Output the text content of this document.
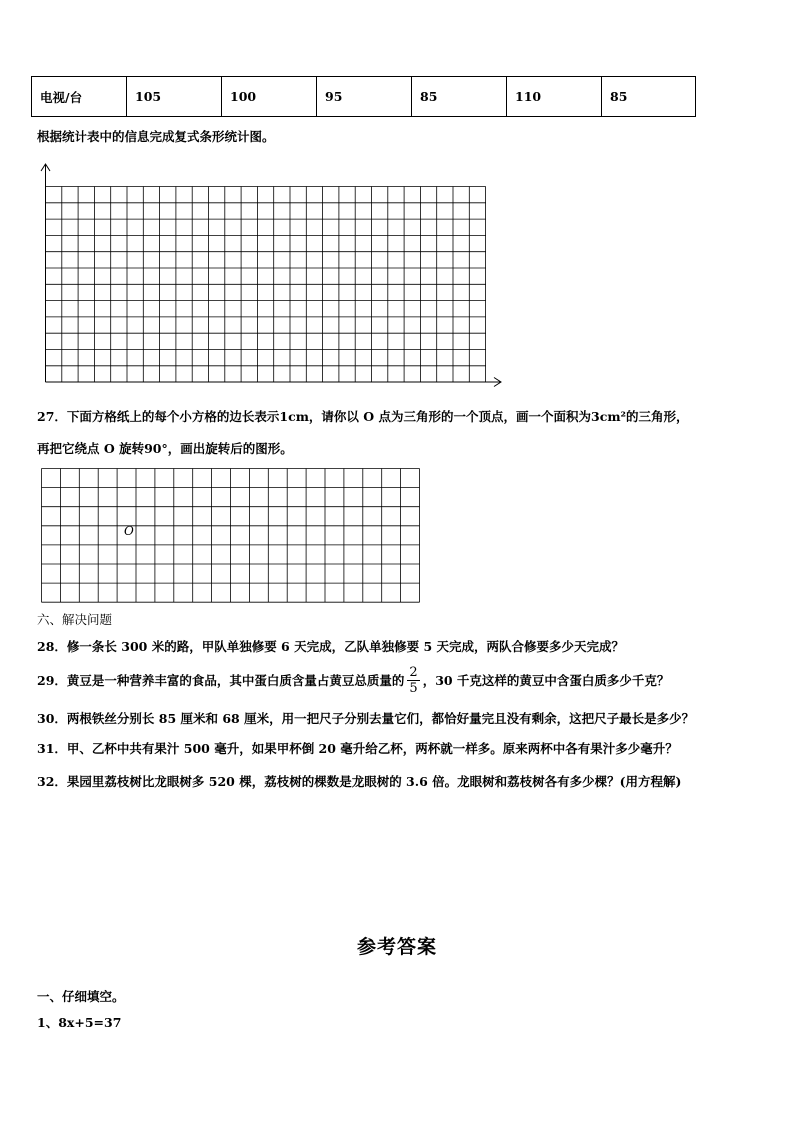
电视/台	105	100	95	85	110	85
根据统计表中的信息完成复式条形统计图。
27．下面方格纸上的每个小方格的边长表示1cm，请你以 O 点为三角形的一个顶点，画一个面积为3cm²的三角形，
再把它绕点 O 旋转90°，画出旋转后的图形。
O
六、解决问题
28．修一条长 300 米的路，甲队单独修要 6 天完成，乙队单独修要 5 天完成，两队合修要多少天完成？
29．黄豆是一种营养丰富的食品，其中蛋白质含量占黄豆总质量的 $\frac{2}{5}$ ，30 千克这样的黄豆中含蛋白质多少千克？
30．两根铁丝分别长 85 厘米和 68 厘米，用一把尺子分别去量它们，都恰好量完且没有剩余，这把尺子最长是多少？
31．甲、乙杯中共有果汁 500 毫升，如果甲杯倒 20 毫升给乙杯，两杯就一样多。原来两杯中各有果汁多少毫升？
32．果园里荔枝树比龙眼树多 520 棵，荔枝树的棵数是龙眼树的 3.6 倍。龙眼树和荔枝树各有多少棵？(用方程解)
参考答案
一、仔细填空。
1、8x+5=37
